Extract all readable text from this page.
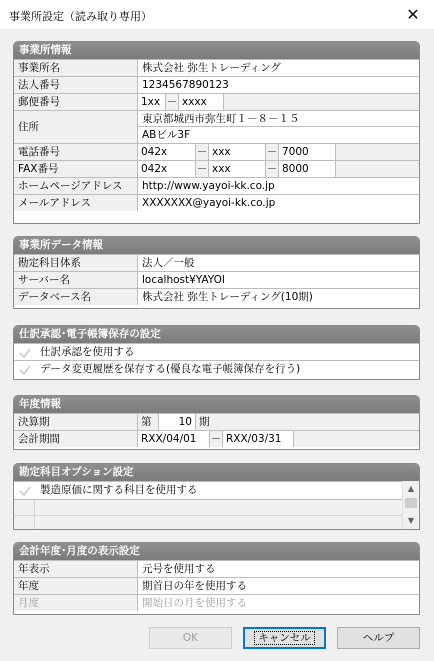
事業所設定（読み取り専用）	✕
事業所情報
事業所名	株式会社 弥生トレーディング
法人番号	1234567890123
郵便番号	1xx － xxxx
住所
東京都城西市弥生町１－８－１５
ABビル3F
電話番号	042x	－ xxx	－ 7000
FAX番号	042x	－ xxx	－ 8000
ホームページアドレス	http://www.yayoi-kk.co.jp
メールアドレス	XXXXXXX@yayoi-kk.co.jp
事業所データ情報
勘定科目体系	法人／一般
サーバー名	localhost¥YAYOI
データベース名	株式会社 弥生トレーディング(10期)
仕訳承認･電子帳簿保存の設定
仕訳承認を使用する
データ変更履歴を保存する(優良な電子帳簿保存を行う)
年度情報
決算期	第	10 期
会計期間	RXX/04/01	－ RXX/03/31
勘定科目オプション設定
製造原価に関する科目を使用する	▲
▼
会計年度･月度の表示設定
年表示	元号を使用する
年度	期首日の年を使用する
月度	開始日の月を使用する
OK	キャンセル	ヘルプ
